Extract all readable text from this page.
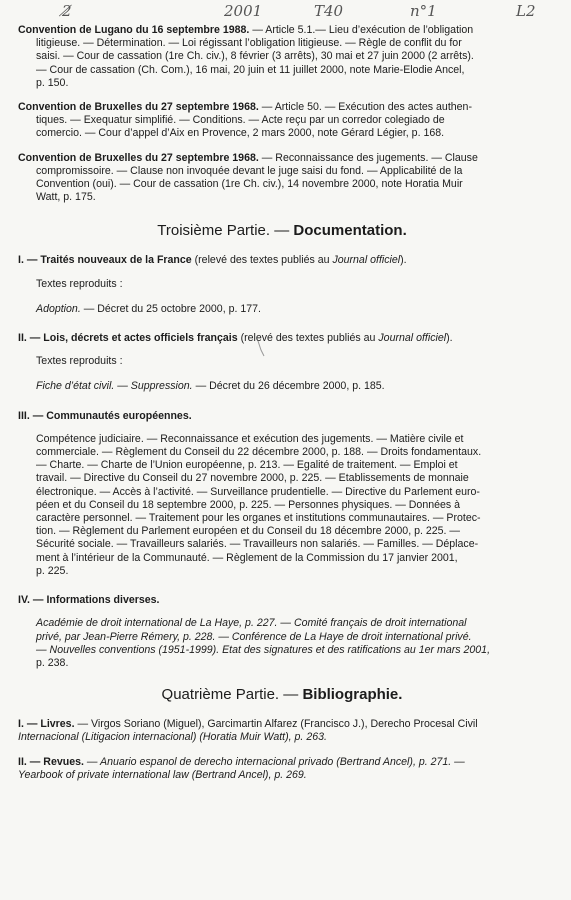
2̸	2001	T40	n°1	L2
Convention de Lugano du 16 septembre 1988. — Article 5.1.— Lieu d’exécution de l’obligation
litigieuse. — Détermination. — Loi régissant l’obligation litigieuse. — Règle de conflit du for
saisi. — Cour de cassation (1re Ch. civ.), 8 février (3 arrêts), 30 mai et 27 juin 2000 (2 arrêts).
— Cour de cassation (Ch. Com.), 16 mai, 20 juin et 11 juillet 2000, note Marie-Elodie Ancel,
p. 150.
Convention de Bruxelles du 27 septembre 1968. — Article 50. — Exécution des actes authen-
tiques. — Exequatur simplifié. — Conditions. — Acte reçu par un corredor colegiado de
comercio. — Cour d’appel d’Aix en Provence, 2 mars 2000, note Gérard Légier, p. 168.
Convention de Bruxelles du 27 septembre 1968. — Reconnaissance des jugements. — Clause
compromissoire. — Clause non invoquée devant le juge saisi du fond. — Applicabilité de la
Convention (oui). — Cour de cassation (1re Ch. civ.), 14 novembre 2000, note Horatia Muir
Watt, p. 175.
Troisième Partie. — Documentation.
I. — Traités nouveaux de la France (relevé des textes publiés au Journal officiel).
Textes reproduits :
Adoption. — Décret du 25 octobre 2000, p. 177.
II. — Lois, décrets et actes officiels français (relevé des textes publiés au Journal officiel).
Textes reproduits :
Fiche d’état civil. — Suppression. — Décret du 26 décembre 2000, p. 185.
III. — Communautés européennes.
Compétence judiciaire. — Reconnaissance et exécution des jugements. — Matière civile et
commerciale. — Règlement du Conseil du 22 décembre 2000, p. 188. — Droits fondamentaux.
— Charte. — Charte de l’Union européenne, p. 213. — Egalité de traitement. — Emploi et
travail. — Directive du Conseil du 27 novembre 2000, p. 225. — Etablissements de monnaie
électronique. — Accès à l’activité. — Surveillance prudentielle. — Directive du Parlement euro-
péen et du Conseil du 18 septembre 2000, p. 225. — Personnes physiques. — Données à
caractère personnel. — Traitement pour les organes et institutions communautaires. — Protec-
tion. — Règlement du Parlement européen et du Conseil du 18 décembre 2000, p. 225. —
Sécurité sociale. — Travailleurs salariés. — Travailleurs non salariés. — Familles. — Déplace-
ment à l’intérieur de la Communauté. — Règlement de la Commission du 17 janvier 2001,
p. 225.
IV. — Informations diverses.
Académie de droit international de La Haye, p. 227. — Comité français de droit international
privé, par Jean-Pierre Rémery, p. 228. — Conférence de La Haye de droit international privé.
— Nouvelles conventions (1951-1999). Etat des signatures et des ratifications au 1er mars 2001,
p. 238.
Quatrième Partie. — Bibliographie.
I. — Livres. — Virgos Soriano (Miguel), Garcimartin Alfarez (Francisco J.), Derecho Procesal Civil
Internacional (Litigacion internacional) (Horatia Muir Watt), p. 263.
II. — Revues. — Anuario espanol de derecho internacional privado (Bertrand Ancel), p. 271. —
Yearbook of private international law (Bertrand Ancel), p. 269.
